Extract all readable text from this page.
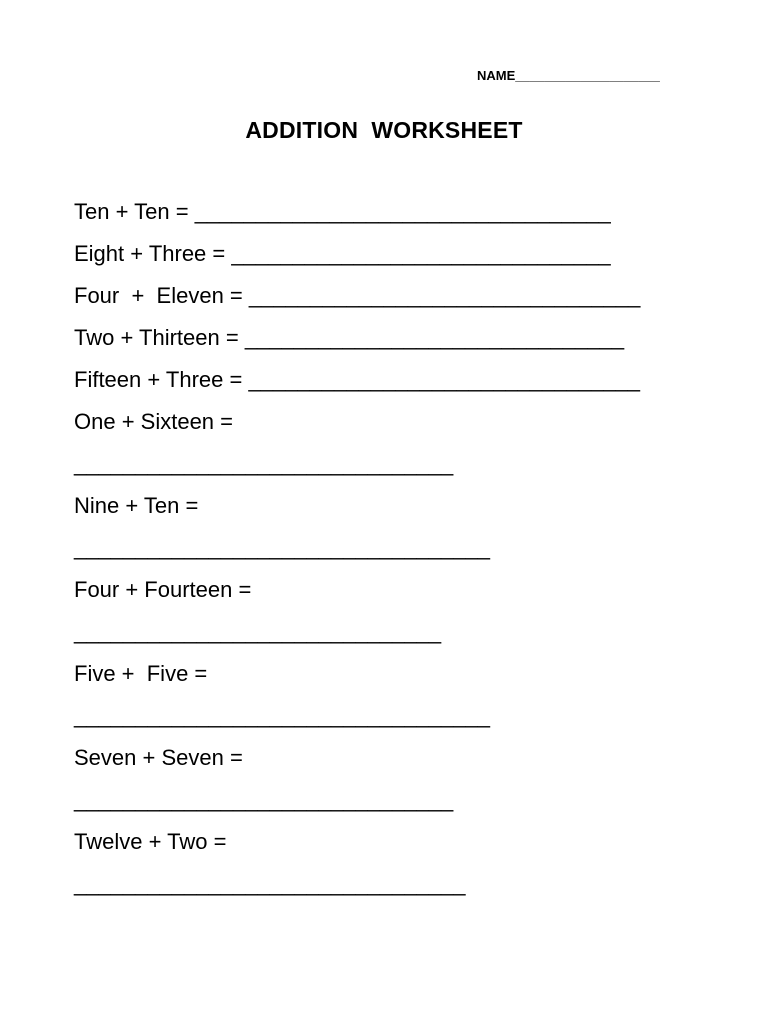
NAME____________________
ADDITION  WORKSHEET
Ten + Ten = __________________________________
Eight + Three = _______________________________
Four  +  Eleven = ________________________________
Two + Thirteen = _______________________________
Fifteen + Three = ________________________________
One + Sixteen =
_______________________________
Nine + Ten =
__________________________________
Four + Fourteen =
______________________________
Five +  Five =
__________________________________
Seven + Seven =
_______________________________
Twelve + Two =
________________________________
